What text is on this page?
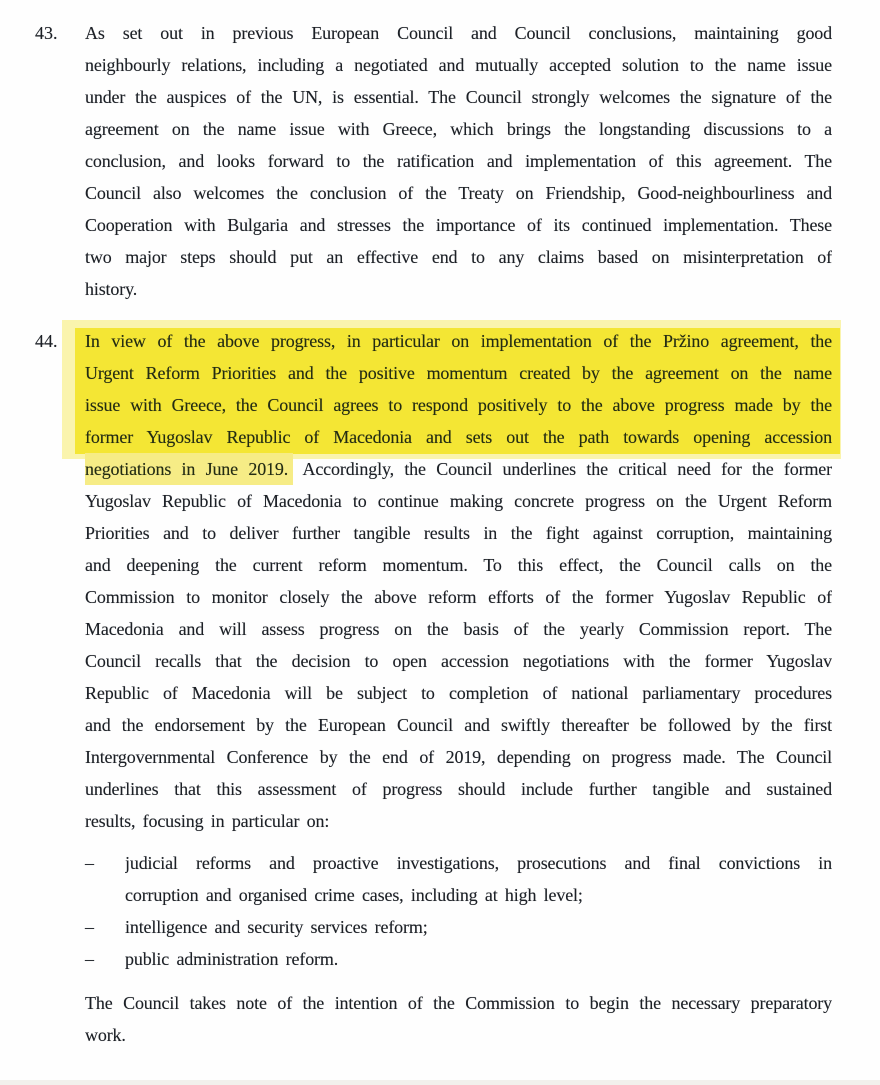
43. As set out in previous European Council and Council conclusions, maintaining good
neighbourly relations, including a negotiated and mutually accepted solution to the name issue
under the auspices of the UN, is essential. The Council strongly welcomes the signature of the
agreement on the name issue with Greece, which brings the longstanding discussions to a
conclusion, and looks forward to the ratification and implementation of this agreement. The
Council also welcomes the conclusion of the Treaty on Friendship, Good-neighbourliness and
Cooperation with Bulgaria and stresses the importance of its continued implementation. These
two major steps should put an effective end to any claims based on misinterpretation of
history.
44. In view of the above progress, in particular on implementation of the Pržino agreement, the
Urgent Reform Priorities and the positive momentum created by the agreement on the name
issue with Greece, the Council agrees to respond positively to the above progress made by the
former Yugoslav Republic of Macedonia and sets out the path towards opening accession
negotiations in June 2019. Accordingly, the Council underlines the critical need for the former
Yugoslav Republic of Macedonia to continue making concrete progress on the Urgent Reform
Priorities and to deliver further tangible results in the fight against corruption, maintaining
and deepening the current reform momentum. To this effect, the Council calls on the
Commission to monitor closely the above reform efforts of the former Yugoslav Republic of
Macedonia and will assess progress on the basis of the yearly Commission report. The
Council recalls that the decision to open accession negotiations with the former Yugoslav
Republic of Macedonia will be subject to completion of national parliamentary procedures
and the endorsement by the European Council and swiftly thereafter be followed by the first
Intergovernmental Conference by the end of 2019, depending on progress made. The Council
underlines that this assessment of progress should include further tangible and sustained
results, focusing in particular on:
– judicial reforms and proactive investigations, prosecutions and final convictions in
corruption and organised crime cases, including at high level;
– intelligence and security services reform;
– public administration reform.
The Council takes note of the intention of the Commission to begin the necessary preparatory
work.
